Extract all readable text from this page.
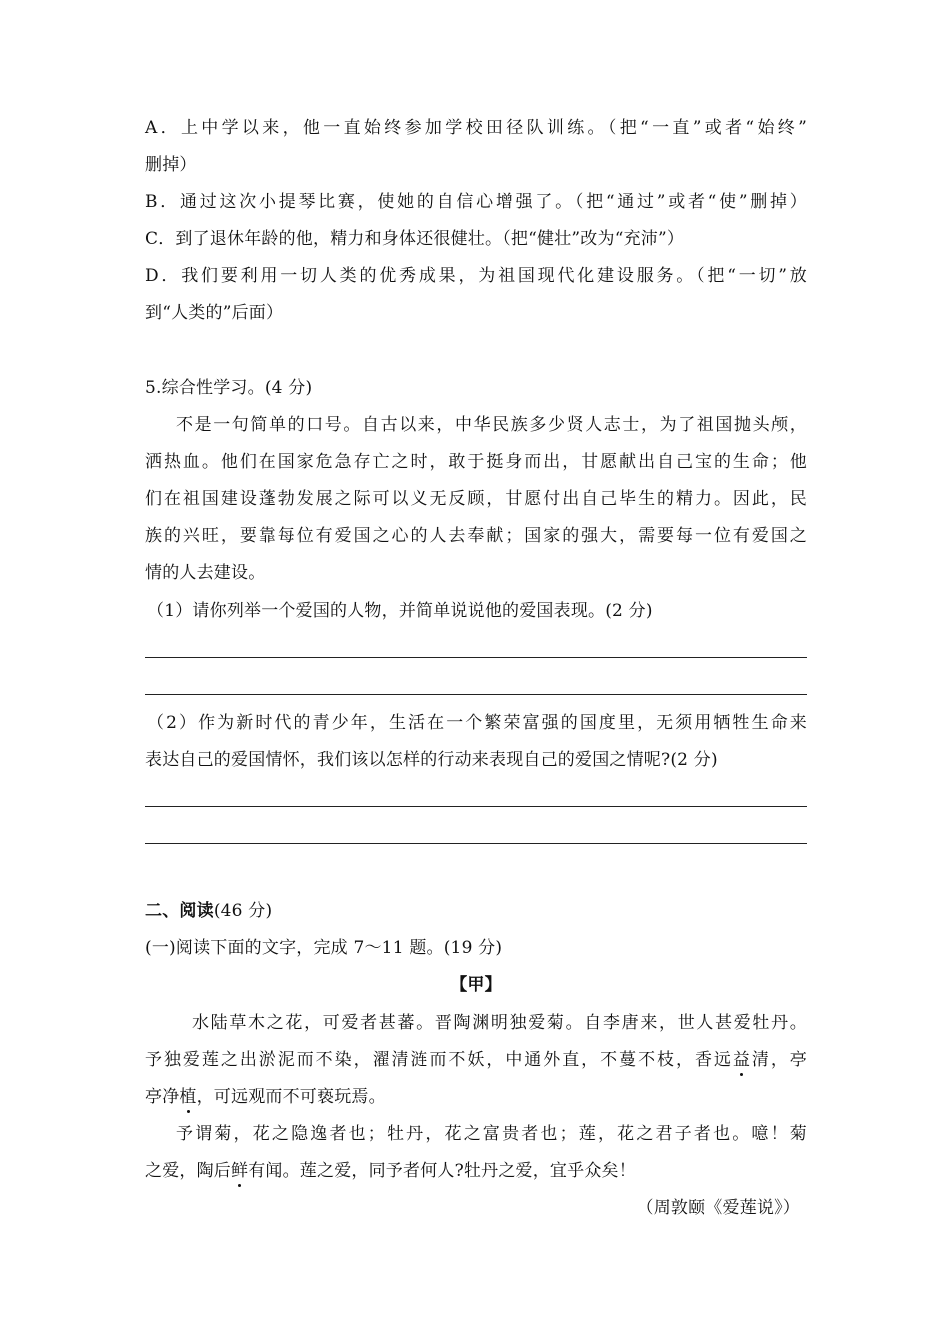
A．上中学以来，他一直始终参加学校田径队训练。（把“一直”或者“始终”
删掉）
B．通过这次小提琴比赛，使她的自信心增强了。（把“通过”或者“使”删掉）
C．到了退休年龄的他，精力和身体还很健壮。（把“健壮”改为“充沛”）
D．我们要利用一切人类的优秀成果，为祖国现代化建设服务。（把“一切”放
到“人类的”后面）
5.综合性学习。(4 分)
不是一句简单的口号。自古以来，中华民族多少贤人志士，为了祖国抛头颅，
洒热血。他们在国家危急存亡之时，敢于挺身而出，甘愿献出自己宝的生命；他
们在祖国建设蓬勃发展之际可以义无反顾，甘愿付出自己毕生的精力。因此，民
族的兴旺，要靠每位有爱国之心的人去奉献；国家的强大，需要每一位有爱国之
情的人去建设。
（1）请你列举一个爱国的人物，并简单说说他的爱国表现。(2 分)
（2）作为新时代的青少年，生活在一个繁荣富强的国度里，无须用牺牲生命来
表达自己的爱国情怀，我们该以怎样的行动来表现自己的爱国之情呢?(2 分)
二、阅读(46 分)
(一)阅读下面的文字，完成 7～11 题。(19 分)
【甲】
水陆草木之花，可爱者甚蕃。晋陶渊明独爱菊。自李唐来，世人甚爱牡丹。
予独爱莲之出淤泥而不染，濯清涟而不妖，中通外直，不蔓不枝，香远益清，亭
亭净植，可远观而不可亵玩焉。
予谓菊，花之隐逸者也；牡丹，花之富贵者也；莲，花之君子者也。噫！菊
之爱，陶后鲜有闻。莲之爱，同予者何人?牡丹之爱，宜乎众矣！
（周敦颐《爱莲说》）
